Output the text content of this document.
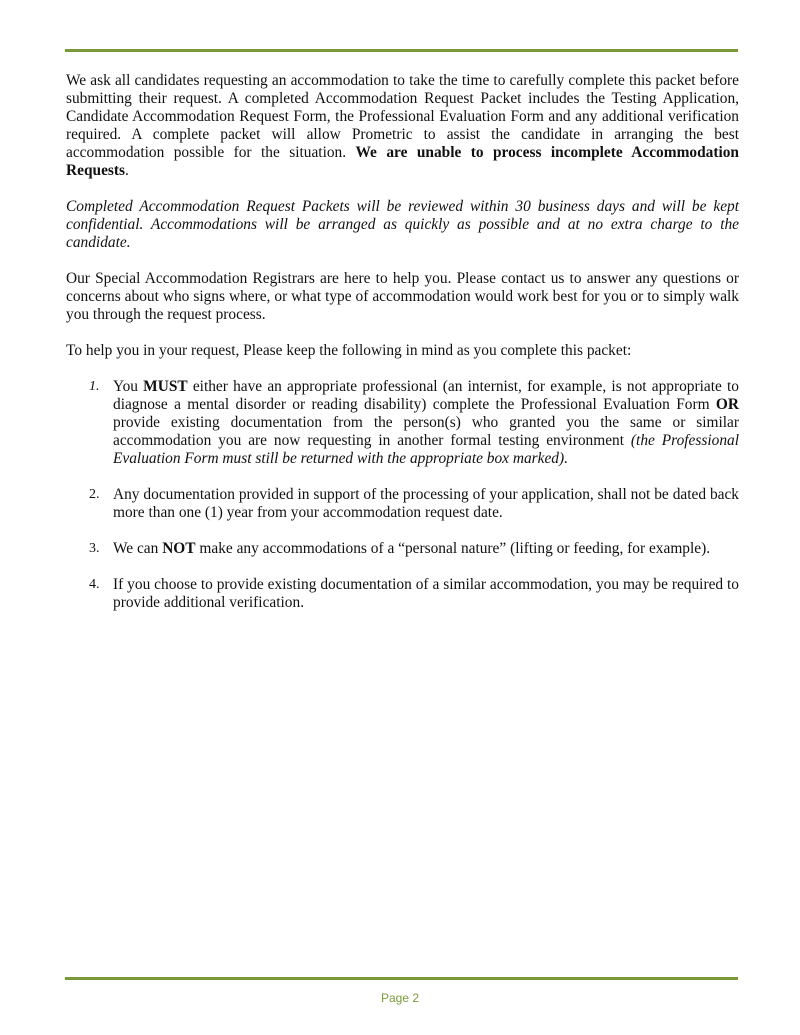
We ask all candidates requesting an accommodation to take the time to carefully complete this packet before submitting their request. A completed Accommodation Request Packet includes the Testing Application, Candidate Accommodation Request Form, the Professional Evaluation Form and any additional verification required. A complete packet will allow Prometric to assist the candidate in arranging the best accommodation possible for the situation. We are unable to process incomplete Accommodation Requests.

Completed Accommodation Request Packets will be reviewed within 30 business days and will be kept confidential. Accommodations will be arranged as quickly as possible and at no extra charge to the candidate.

Our Special Accommodation Registrars are here to help you. Please contact us to answer any questions or concerns about who signs where, or what type of accommodation would work best for you or to simply walk you through the request process.

To help you in your request, Please keep the following in mind as you complete this packet:

1. You MUST either have an appropriate professional (an internist, for example, is not appropriate to diagnose a mental disorder or reading disability) complete the Professional Evaluation Form OR provide existing documentation from the person(s) who granted you the same or similar accommodation you are now requesting in another formal testing environment (the Professional Evaluation Form must still be returned with the appropriate box marked).
2. Any documentation provided in support of the processing of your application, shall not be dated back more than one (1) year from your accommodation request date.
3. We can NOT make any accommodations of a “personal nature” (lifting or feeding, for example).
4. If you choose to provide existing documentation of a similar accommodation, you may be required to provide additional verification.
Page 2
